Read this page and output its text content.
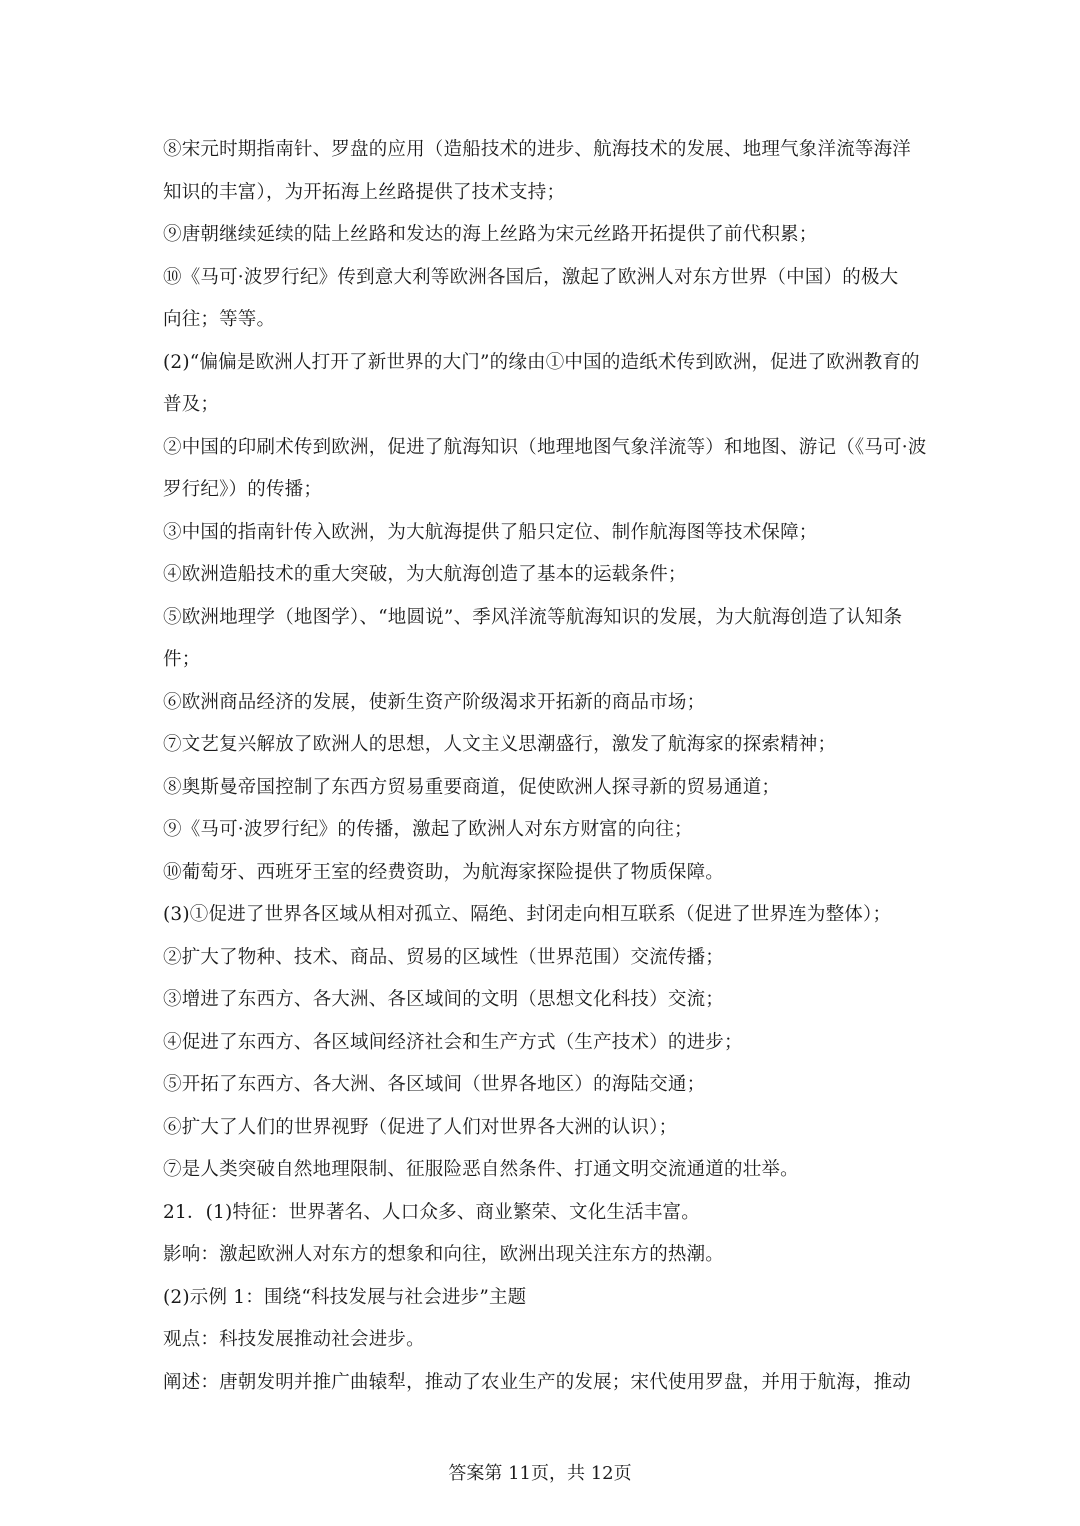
⑧宋元时期指南针、罗盘的应用（造船技术的进步、航海技术的发展、地理气象洋流等海洋
知识的丰富），为开拓海上丝路提供了技术支持；
⑨唐朝继续延续的陆上丝路和发达的海上丝路为宋元丝路开拓提供了前代积累；
⑩《马可·波罗行纪》传到意大利等欧洲各国后，激起了欧洲人对东方世界（中国）的极大
向往；等等。
(2)“偏偏是欧洲人打开了新世界的大门”的缘由①中国的造纸术传到欧洲，促进了欧洲教育的
普及；
②中国的印刷术传到欧洲，促进了航海知识（地理地图气象洋流等）和地图、游记（《马可·波
罗行纪》）的传播；
③中国的指南针传入欧洲，为大航海提供了船只定位、制作航海图等技术保障；
④欧洲造船技术的重大突破，为大航海创造了基本的运载条件；
⑤欧洲地理学（地图学）、“地圆说”、季风洋流等航海知识的发展，为大航海创造了认知条
件；
⑥欧洲商品经济的发展，使新生资产阶级渴求开拓新的商品市场；
⑦文艺复兴解放了欧洲人的思想，人文主义思潮盛行，激发了航海家的探索精神；
⑧奥斯曼帝国控制了东西方贸易重要商道，促使欧洲人探寻新的贸易通道；
⑨《马可·波罗行纪》的传播，激起了欧洲人对东方财富的向往；
⑩葡萄牙、西班牙王室的经费资助，为航海家探险提供了物质保障。
(3)①促进了世界各区域从相对孤立、隔绝、封闭走向相互联系（促进了世界连为整体）；
②扩大了物种、技术、商品、贸易的区域性（世界范围）交流传播；
③增进了东西方、各大洲、各区域间的文明（思想文化科技）交流；
④促进了东西方、各区域间经济社会和生产方式（生产技术）的进步；
⑤开拓了东西方、各大洲、各区域间（世界各地区）的海陆交通；
⑥扩大了人们的世界视野（促进了人们对世界各大洲的认识）；
⑦是人类突破自然地理限制、征服险恶自然条件、打通文明交流通道的壮举。
21．(1)特征：世界著名、人口众多、商业繁荣、文化生活丰富。
影响：激起欧洲人对东方的想象和向往，欧洲出现关注东方的热潮。
(2)示例 1：围绕“科技发展与社会进步”主题
观点：科技发展推动社会进步。
阐述：唐朝发明并推广曲辕犁，推动了农业生产的发展；宋代使用罗盘，并用于航海，推动
答案第 11页，共 12页
